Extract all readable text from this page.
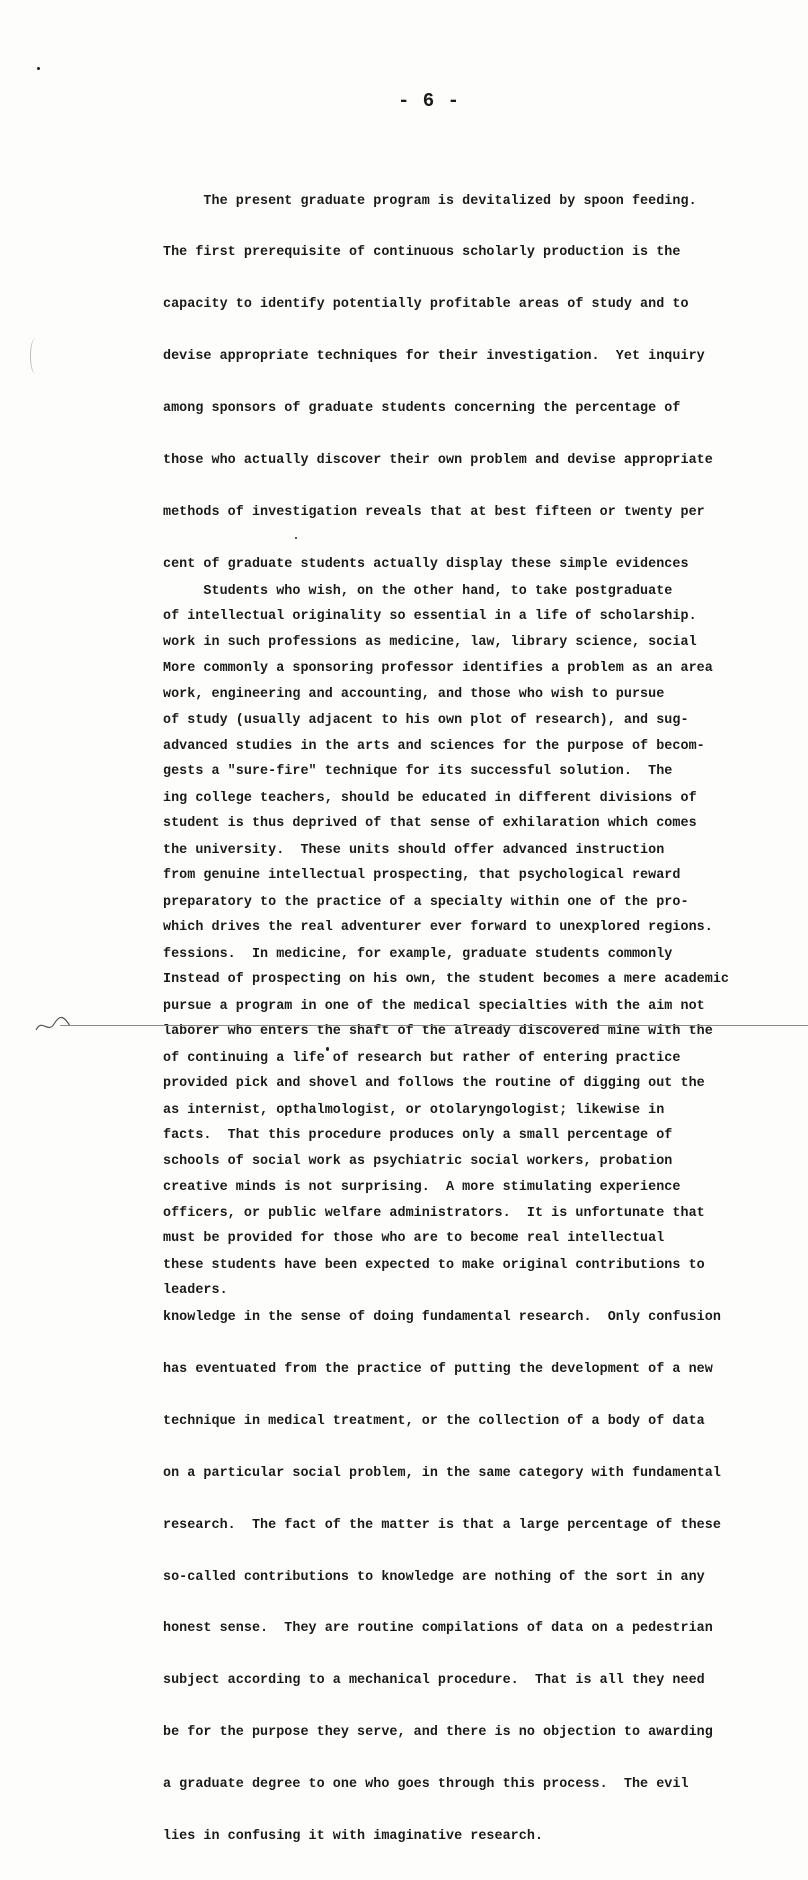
- 6 -

The present graduate program is devitalized by spoon feeding.

The first prerequisite of continuous scholarly production is the

capacity to identify potentially profitable areas of study and to

devise appropriate techniques for their investigation.  Yet inquiry

among sponsors of graduate students concerning the percentage of

those who actually discover their own problem and devise appropriate

methods of investigation reveals that at best fifteen or twenty per

cent of graduate students actually display these simple evidences

of intellectual originality so essential in a life of scholarship.

More commonly a sponsoring professor identifies a problem as an area

of study (usually adjacent to his own plot of research), and sug-

gests a "sure-fire" technique for its successful solution.  The

student is thus deprived of that sense of exhilaration which comes

from genuine intellectual prospecting, that psychological reward

which drives the real adventurer ever forward to unexplored regions.

Instead of prospecting on his own, the student becomes a mere academic

laborer who enters the shaft of the already discovered mine with the

provided pick and shovel and follows the routine of digging out the

facts.  That this procedure produces only a small percentage of

creative minds is not surprising.  A more stimulating experience

must be provided for those who are to become real intellectual

leaders.

Students who wish, on the other hand, to take postgraduate

work in such professions as medicine, law, library science, social

work, engineering and accounting, and those who wish to pursue

advanced studies in the arts and sciences for the purpose of becom-

ing college teachers, should be educated in different divisions of

the university.  These units should offer advanced instruction

preparatory to the practice of a specialty within one of the pro-

fessions.  In medicine, for example, graduate students commonly

pursue a program in one of the medical specialties with the aim not

of continuing a life of research but rather of entering practice

as internist, opthalmologist, or otolaryngologist; likewise in

schools of social work as psychiatric social workers, probation

officers, or public welfare administrators.  It is unfortunate that

these students have been expected to make original contributions to

knowledge in the sense of doing fundamental research.  Only confusion

has eventuated from the practice of putting the development of a new

technique in medical treatment, or the collection of a body of data

on a particular social problem, in the same category with fundamental

research.  The fact of the matter is that a large percentage of these

so-called contributions to knowledge are nothing of the sort in any

honest sense.  They are routine compilations of data on a pedestrian

subject according to a mechanical procedure.  That is all they need

be for the purpose they serve, and there is no objection to awarding

a graduate degree to one who goes through this process.  The evil

lies in confusing it with imaginative research.
